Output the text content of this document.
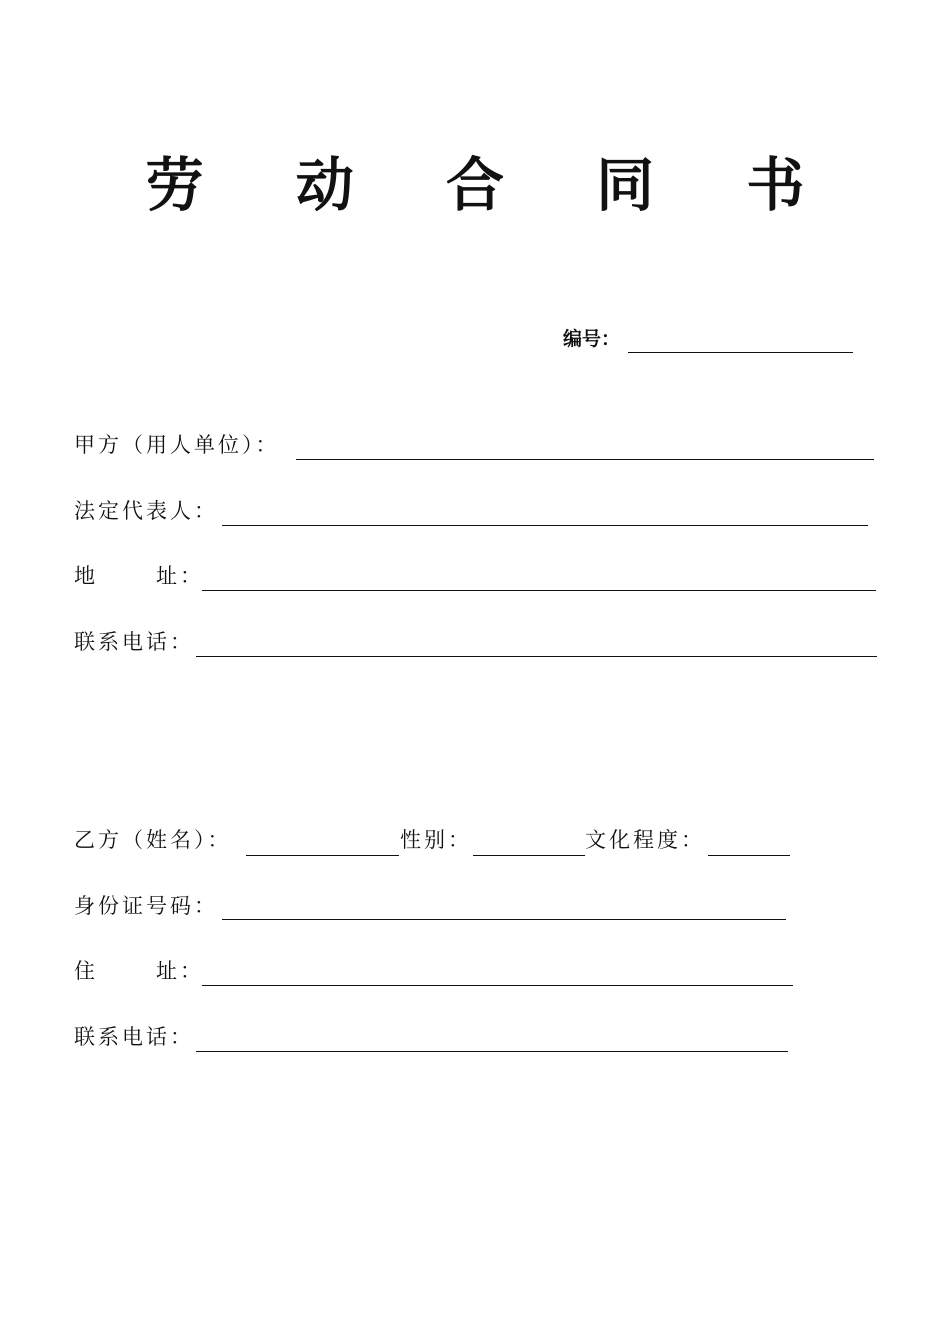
劳 动 合 同 书
编号：
甲方（用人单位）：
法定代表人：
地      址：
联系电话：
乙方（姓名）：	性别：	文化程度：
身份证号码：
住      址：
联系电话：
